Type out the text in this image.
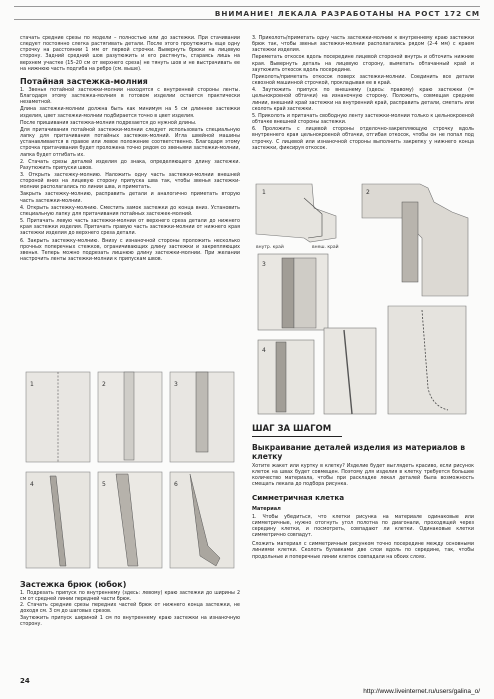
ВНИМАНИЕ! ЛЕКАЛА РАЗРАБОТАНЫ НА РОСТ 172 СМ

стачать средние срезы по модели – полностью или до застежки. При стачивании следует постоянно слегка растягивать детали. После этого проутюжить еще одну строчку на расстоянии 1 мм от первой строчки. Вывернуть брюки на лицевую сторону. Задний средний шов разутюжить и его растянуть, стараясь лишь на верхнем участке (15–20 см от верхнего среза) не тянуть шов и не выстрачивать ее на нижнюю часть подгиба на ребро (см. выше).

Потайная застежка-молния

1. Звенья потайной застежки-молнии находятся с внутренней стороны ленты. Благодаря этому застежка-молния в готовом изделии остается практически незаметной.

Длина застежки-молнии должна быть как минимум на 5 см длиннее застежки изделия, цвет застежки-молнии подбирается точно в цвет изделия.

После пришивания застежка-молния подрезается до нужной длины.

Для притачивания потайной застежки-молнии следует использовать специальную лапку для притачивания потайных застежек-молний. Игла швейной машины устанавливается в правое или левое положение соответственно. Благодаря этому строчка притачивания будет проложена точно рядом со звеньями застежки-молнии, лапка будет отгибать их.

2. Стачать срезы деталей изделия до знака, определяющего длину застежки. Разутюжить припуски швов.

3. Открыть застежку-молнию. Наложить одну часть застежки-молнии внешней стороной вниз на лицевую сторону припуска шва так, чтобы звенья застежки-молнии располагались по линии шва, и приметать.

Закрыть застежку-молнию, расправить детали и аналогично приметать вторую часть застежки-молнии.

4. Открыть застежку-молнию. Сместить замок застежки до конца вниз. Установить специальную лапку для притачивания потайных застежек-молний.

5. Притачать левую часть застежки-молнии от верхнего среза детали до нижнего края застежки изделия. Притачать правую часть застежки-молнии от нижнего края застежки изделия до верхнего среза детали.

6. Закрыть застежку-молнию. Внизу с изнаночной стороны проложить несколько прочных поперечных стежков, ограничивающих длину застежки и закрепляющих звенья. Теперь можно подрезать лишнюю длину застежки-молнии. При желании настрочить ленты застежки-молнии к припускам швов.

1	2	3
4	5	6
Застежка брюк (юбок)

1. Подрезать припуск по внутреннему (здесь: левому) краю застежки до ширины 2 см от средней линии передней части брюк.

2. Стачать средние срезы передних частей брюк от нижнего конца застежки, не доходя см. 3 см до шаговых срезов.

Заутюжить припуск шириной 1 см по внутреннему краю застежки на изнаночную сторону.

3. Приколоть/приметать одну часть застежки-молнии к внутреннему краю застежки брюк так, чтобы звенья застежки-молнии располагались рядом (2–4 мм) с краем застежки изделия.

Переметать откосок вдоль посередине лицевой стороной внутрь и обточить нижние края. Вывернуть деталь на лицевую сторону, выметать обтачанный край и заутюжить откосок вдоль посередине.

Приколоть/приметать откосок поверх застежки-молнии. Соединить все детали сквозной машинной строчкой, прокладывая ее в край.

4. Заутюжить припуск по внешнему (здесь: правому) краю застежки (= цельнокроеной обтачки) на изнаночную сторону. Положить, совмещая средние линии, внешний край застежки на внутренний край, расправить детали, сметать или сколоть край застежки.

5. Приколоть и притачать свободную ленту застежки-молнии только к цельнокроеной обтачке внешней стороны застежки.

6. Проложить с лицевой стороны отделочно-закрепляющую строчку вдоль внутреннего края цельнокроеной обтачки, отгибая откосок, чтобы он не попал под строчку. С лицевой или изнаночной стороны выполнить закрепку у нижнего конца застежки, фиксируя откосок.

1	2
3
4
внутр. край	внеш. край
ШАГ ЗА ШАГОМ
Выкраивание деталей изделия из материалов в клетку

Хотите жакет или куртку в клетку? Изделие будет выглядеть красиво, если рисунок клеток на швах будет совмещен. Поэтому для изделия в клетку требуется большее количество материала, чтобы при раскладке лекал деталей была возможность смещать лекала до подбора рисунка.

Симметричная клетка
Материал

1. Чтобы убедиться, что клетки рисунка на материале одинаковые или симметричные, нужно отогнуть угол полотна по диагонали, проходящей через середину клетки, и посмотреть, совпадают ли клетки. Одинаковые клетки симметрично совпадут.

Сложить материал с симметричным рисунком точно посередине между основными линиями клетки. Сколоть булавками две слои вдоль по середине, так, чтобы продольные и поперечные линии клеток совпадали на обоих слоях.

24
http://www.liveinternet.ru/users/galina_o/
